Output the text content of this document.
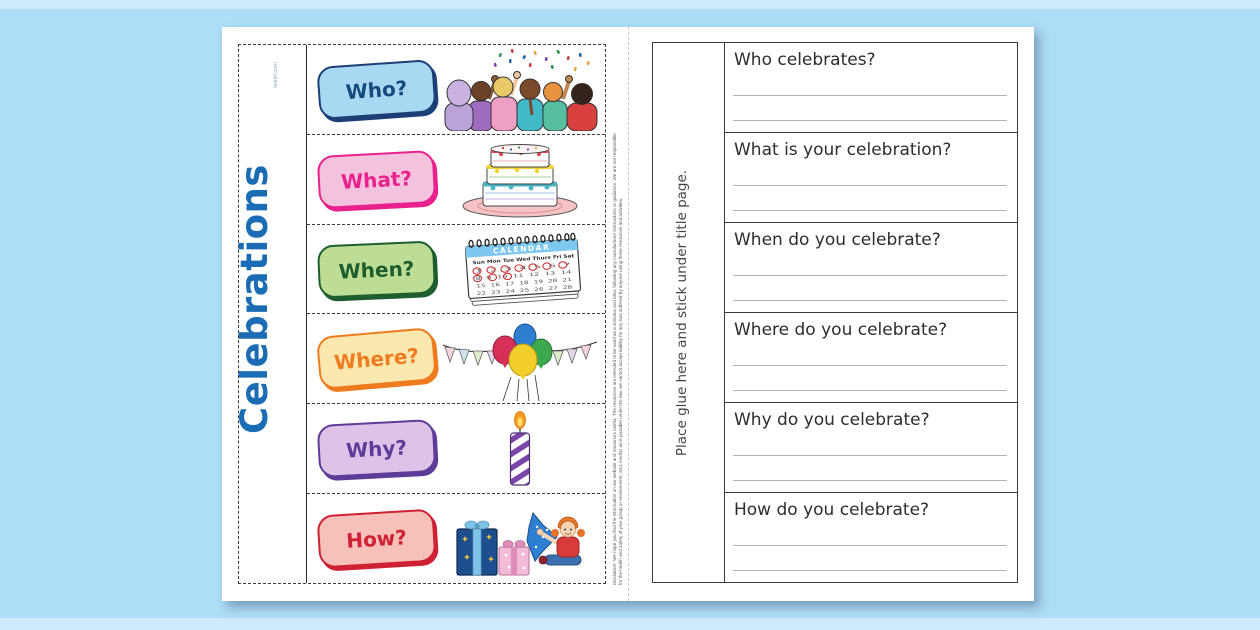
twinkl.com
Celebrations
Who?
What?
When?
CALENDAR
Sun Mon Tue Wed Thurs Fri Sat
1 2 3 4 5 6 7
8 9 10 11 12 13 14
15 16 17 18 19 20 21
22 23 24 25 26 27 28
Where?
Why?
How?	Disclaimer: We hope you find the information on our website and resources useful. The resources are intended to be used as a stimulus and idea, following any manufacturer instructions or guidance. We are not responsible for the health and safety of your group or environment; and, insofar as is possible under the law, we cannot accept liability for any loss suffered by anyone using these resources and activities.	Place glue here and stick under title page.
Who celebrates?
What is your celebration?
When do you celebrate?
Where do you celebrate?
Why do you celebrate?
How do you celebrate?
